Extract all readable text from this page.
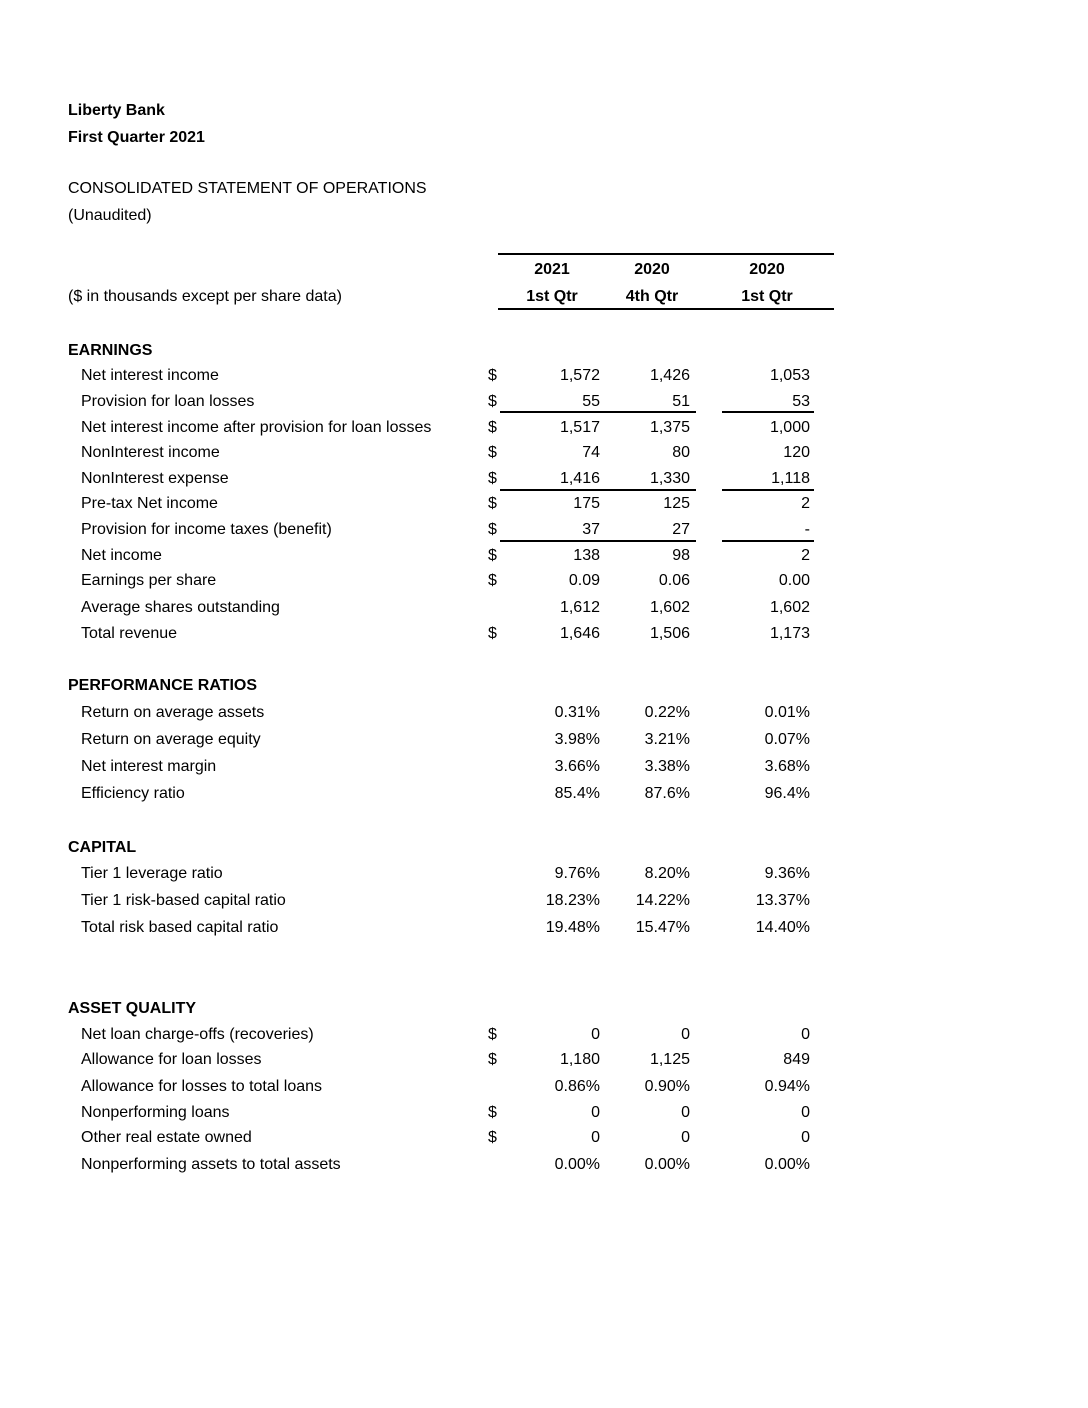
Liberty Bank
First Quarter 2021
CONSOLIDATED STATEMENT OF OPERATIONS
(Unaudited)
($ in thousands except per share data)
2021	2020	2020
1st Qtr	4th Qtr	1st Qtr
EARNINGS
PERFORMANCE RATIOS
CAPITAL
ASSET QUALITY
Net interest income	$	1,572	1,426	1,053
Provision for loan losses	$	55	51	53
Net interest income after provision for loan losses	$	1,517	1,375	1,000
NonInterest income	$	74	80	120
NonInterest expense	$	1,416	1,330	1,118
Pre-tax Net income	$	175	125	2
Provision for income taxes (benefit)	$	37	27	-
Net income	$	138	98	2
Earnings per share	$	0.09	0.06	0.00
Average shares outstanding	1,612	1,602	1,602
Total revenue	$	1,646	1,506	1,173
Return on average assets	0.31%	0.22%	0.01%
Return on average equity	3.98%	3.21%	0.07%
Net interest margin	3.66%	3.38%	3.68%
Efficiency ratio	85.4%	87.6%	96.4%
Tier 1 leverage ratio	9.76%	8.20%	9.36%
Tier 1 risk-based capital ratio	18.23%	14.22%	13.37%
Total risk based capital ratio	19.48%	15.47%	14.40%
Net loan charge-offs (recoveries)	$	0	0	0
Allowance for loan losses	$	1,180	1,125	849
Allowance for losses to total loans	0.86%	0.90%	0.94%
Nonperforming loans	$	0	0	0
Other real estate owned	$	0	0	0
Nonperforming assets to total assets	0.00%	0.00%	0.00%
